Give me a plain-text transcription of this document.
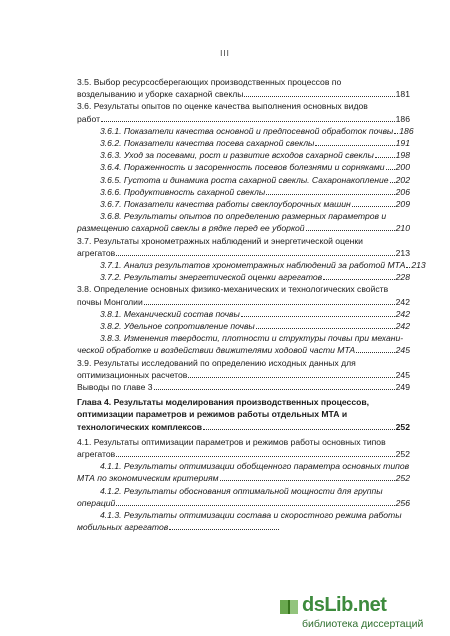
III
3.5. Выбор ресурсосберегающих производственных процессов по
возделыванию и уборке сахарной свеклы	181
3.6. Результаты опытов по оценке качества выполнения основных видов
работ	186
3.6.1. Показатели качества основной и предпосевной обработок почвы 186
3.6.2. Показатели качества посева сахарной свеклы	191
3.6.3. Уход за посевами, рост и развитие всходов сахарной свеклы	198
3.6.4. Пораженность и засоренность посевов болезнями и сорняками 200
3.6.5. Густота и динамика роста сахарной свеклы. Сахаронакопление 202
3.6.6. Продуктивность сахарной свеклы	206
3.6.7. Показатели качества работы свеклоуборочных машин	209
3.6.8. Результаты опытов по определению размерных параметров и
размещению сахарной свеклы в рядке перед ее уборкой	210
3.7. Результаты хронометражных наблюдений и энергетической оценки
агрегатов	213
3.7.1. Анализ результатов хронометражных наблюдений за работой МТА 213
3.7.2. Результаты энергетической оценки агрегатов	228
3.8. Определение основных физико-механических и технологических свойств
почвы Монголии	242
3.8.1. Механический состав почвы	242
3.8.2. Удельное сопротивление почвы	242
3.8.3. Изменения твердости, плотности и структуры почвы при механи-
ческой обработке и воздействии движителями ходовой части МТА	245
3.9. Результаты исследований по определению исходных данных для
оптимизационных расчетов	245
Выводы по главе 3	249
Глава 4. Результаты моделирования производственных процессов,
оптимизации параметров и режимов работы отдельных МТА и
технологических комплексов	252
4.1. Результаты оптимизации параметров и режимов работы основных типов
агрегатов	252
4.1.1. Результаты оптимизации обобщенного параметра основных типов
МТА по экономическим критериям	252
4.1.2. Результаты обоснования оптимальной мощности для группы
операций	256
4.1.3. Результаты оптимизации состава и скоростного режима работы
мобильных агрегатов
dsLib.net
библиотека диссертаций
